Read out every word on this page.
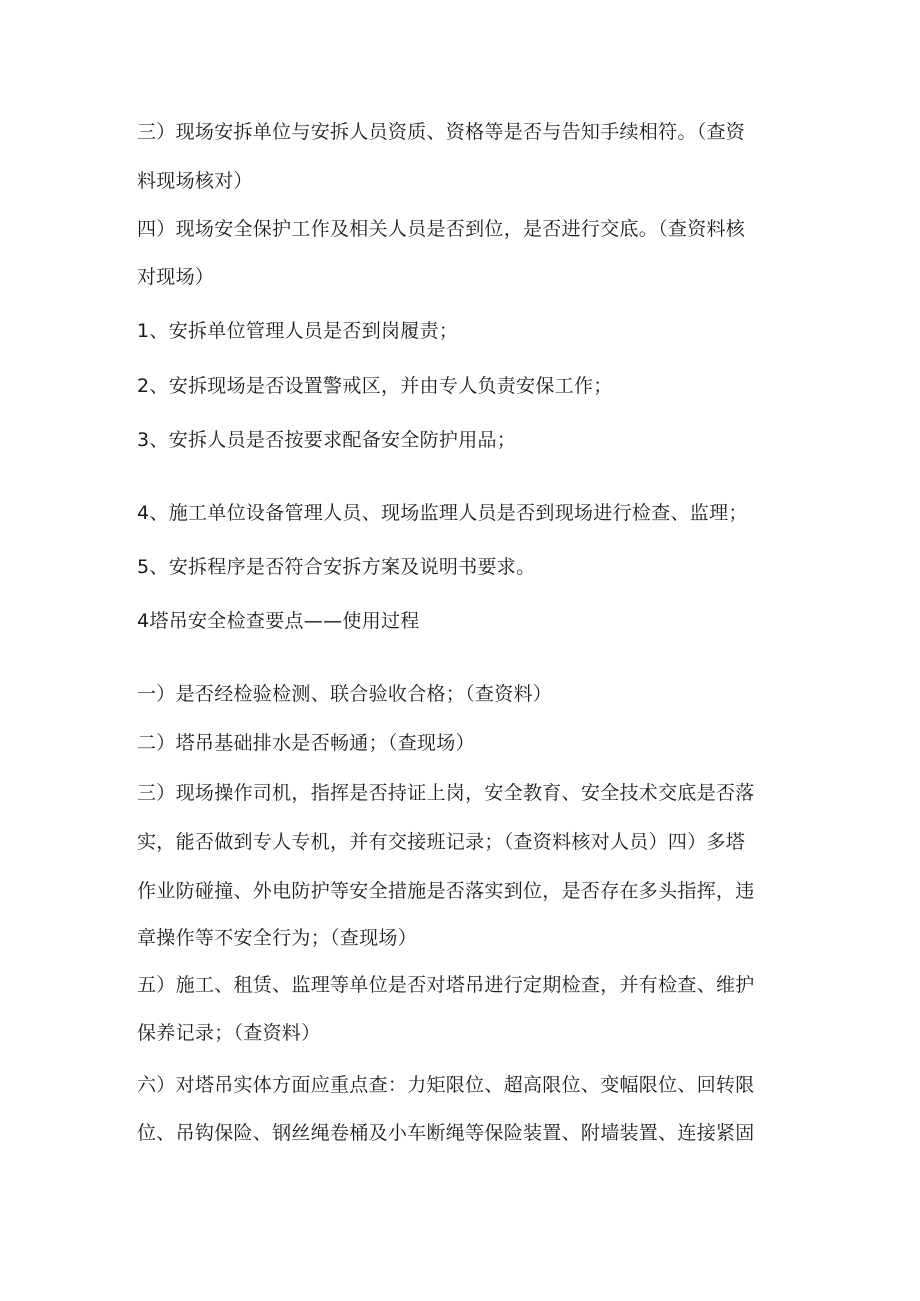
三）现场安拆单位与安拆人员资质、资格等是否与告知手续相符。（查资
料现场核对）
四）现场安全保护工作及相关人员是否到位，是否进行交底。（查资料核
对现场）
1、安拆单位管理人员是否到岗履责；
2、安拆现场是否设置警戒区，并由专人负责安保工作；
3、安拆人员是否按要求配备安全防护用品；
4、施工单位设备管理人员、现场监理人员是否到现场进行检查、监理；
5、安拆程序是否符合安拆方案及说明书要求。
4塔吊安全检查要点——使用过程
一）是否经检验检测、联合验收合格；（查资料）
二）塔吊基础排水是否畅通；（查现场）
三）现场操作司机，指挥是否持证上岗，安全教育、安全技术交底是否落
实，能否做到专人专机，并有交接班记录；（查资料核对人员）四）多塔
作业防碰撞、外电防护等安全措施是否落实到位，是否存在多头指挥，违
章操作等不安全行为；（查现场）
五）施工、租赁、监理等单位是否对塔吊进行定期检查，并有检查、维护
保养记录；（查资料）
六）对塔吊实体方面应重点查：力矩限位、超高限位、变幅限位、回转限
位、吊钩保险、钢丝绳卷桶及小车断绳等保险装置、附墙装置、连接紧固
